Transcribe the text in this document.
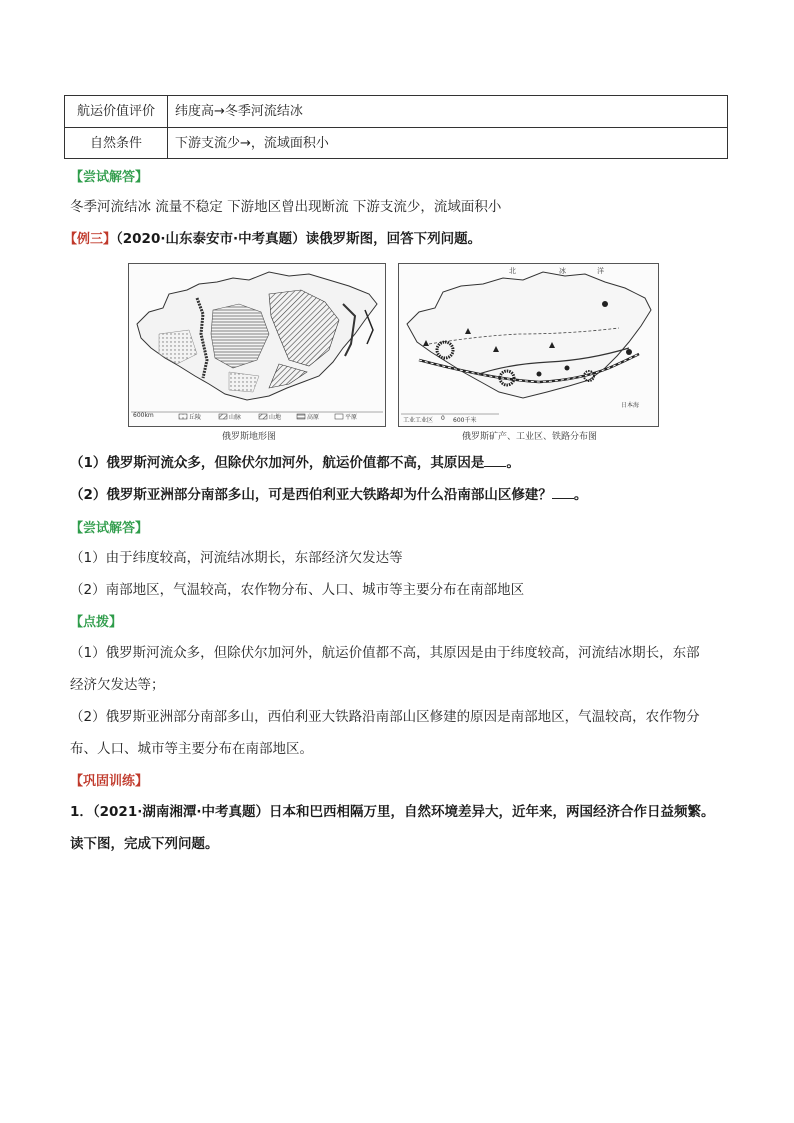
航运价值评价	纬度高→冬季河流结冰
自然条件	下游支流少→，流域面积小
【尝试解答】
冬季河流结冰 流量不稳定 下游地区曾出现断流 下游支流少，流域面积小
【例三】（2020·山东泰安市·中考真题）读俄罗斯图，回答下列问题。
600km	丘陵	山脉	山地	高原	平原
俄罗斯地形图
北	冰	洋
日本海
工业工业区 0 600千米
俄罗斯矿产、工业区、铁路分布图
（1）俄罗斯河流众多，但除伏尔加河外，航运价值都不高，其原因是 。
（2）俄罗斯亚洲部分南部多山，可是西伯利亚大铁路却为什么沿南部山区修建？ 。
【尝试解答】
（1）由于纬度较高，河流结冰期长，东部经济欠发达等
（2）南部地区，气温较高，农作物分布、人口、城市等主要分布在南部地区
【点拨】
（1）俄罗斯河流众多，但除伏尔加河外，航运价值都不高，其原因是由于纬度较高，河流结冰期长，东部
经济欠发达等；
（2）俄罗斯亚洲部分南部多山，西伯利亚大铁路沿南部山区修建的原因是南部地区，气温较高，农作物分
布、人口、城市等主要分布在南部地区。
【巩固训练】
1．（2021·湖南湘潭·中考真题）日本和巴西相隔万里，自然环境差异大，近年来，两国经济合作日益频繁。
读下图，完成下列问题。
